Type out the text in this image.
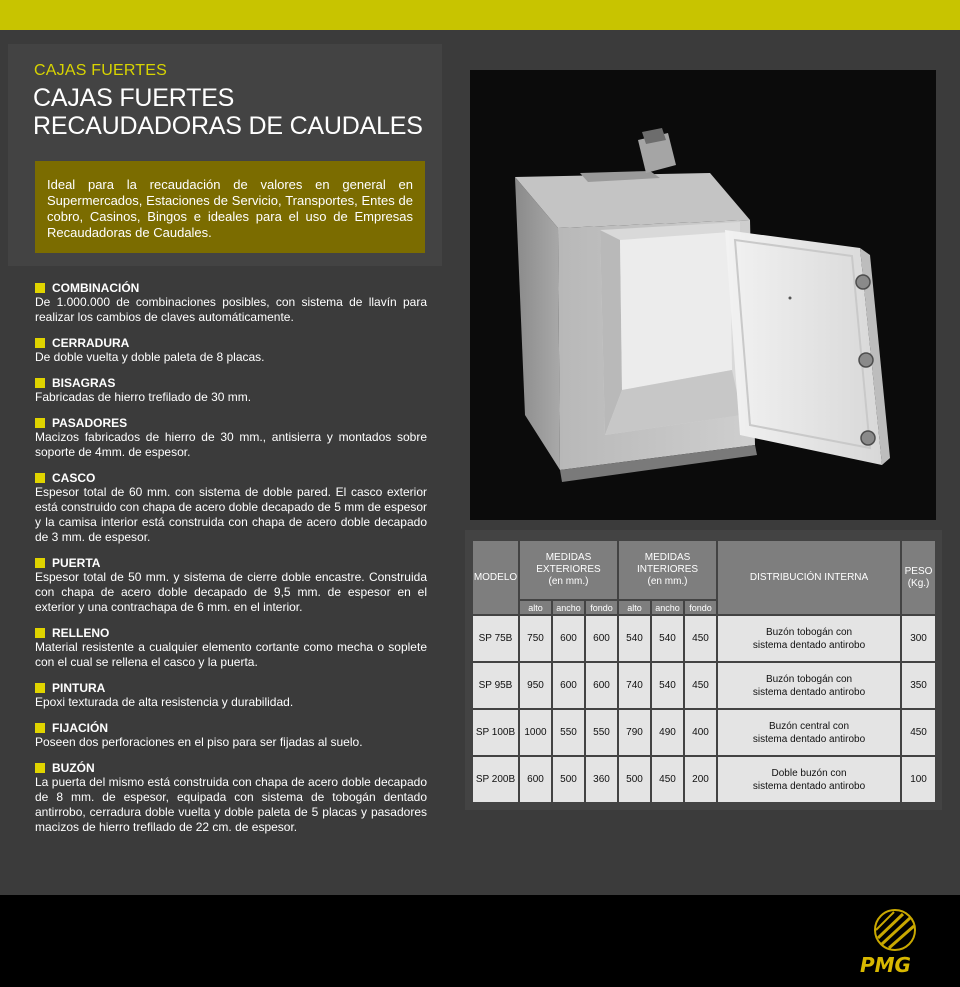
CAJAS FUERTES
CAJAS FUERTES RECAUDADORAS DE CAUDALES
Ideal para la recaudación de valores en general en Supermercados, Estaciones de Servicio, Transportes, Entes de cobro, Casinos, Bingos e ideales para el uso de Empresas Recaudadoras de Caudales.
COMBINACIÓN
De 1.000.000 de combinaciones posibles, con sistema de llavín para realizar los cambios de claves automáticamente.
CERRADURA
De doble vuelta y doble paleta de 8 placas.
BISAGRAS
Fabricadas de hierro trefilado de 30 mm.
PASADORES
Macizos fabricados de hierro de 30 mm., antisierra y montados sobre soporte de 4mm. de espesor.
CASCO
Espesor total de 60 mm. con sistema de doble pared. El casco exterior está construido con chapa de acero doble decapado de 5 mm de espesor y la camisa interior está construida con chapa de acero doble decapado de 3 mm. de espesor.
PUERTA
Espesor total de 50 mm. y sistema de cierre doble encastre. Construida con chapa de acero doble decapado de 9,5 mm. de espesor en el exterior y una contrachapa de 6 mm. en el interior.
RELLENO
Material resistente a cualquier elemento cortante como mecha o soplete con el cual se rellena el casco y la puerta.
PINTURA
Epoxi texturada de alta resistencia y durabilidad.
FIJACIÓN
Poseen dos perforaciones en el piso para ser fijadas al suelo.
BUZÓN
La puerta del mismo está construida con chapa de acero doble decapado de 8 mm. de espesor, equipada con sistema de tobogán dentado antirrobo, cerradura doble vuelta y doble paleta de 5 placas y pasadores macizos de hierro trefilado de 22 cm. de espesor.
MODELO	MEDIDAS
EXTERIORES
(en mm.)			MEDIDAS
INTERIORES
(en mm.)			DISTRIBUCIÓN INTERNA	PESO
(Kg.)
	alto	ancho	fondo	alto	ancho	fondo		
SP 75B	750	600	600	540	540	450	Buzón tobogán con
sistema dentado antirobo	300
SP 95B	950	600	600	740	540	450	Buzón tobogán con
sistema dentado antirobo	350
SP 100B	1000	550	550	790	490	400	Buzón central con
sistema dentado antirobo	450
SP 200B	600	500	360	500	450	200	Doble buzón con
sistema dentado antirobo	100
PMG
